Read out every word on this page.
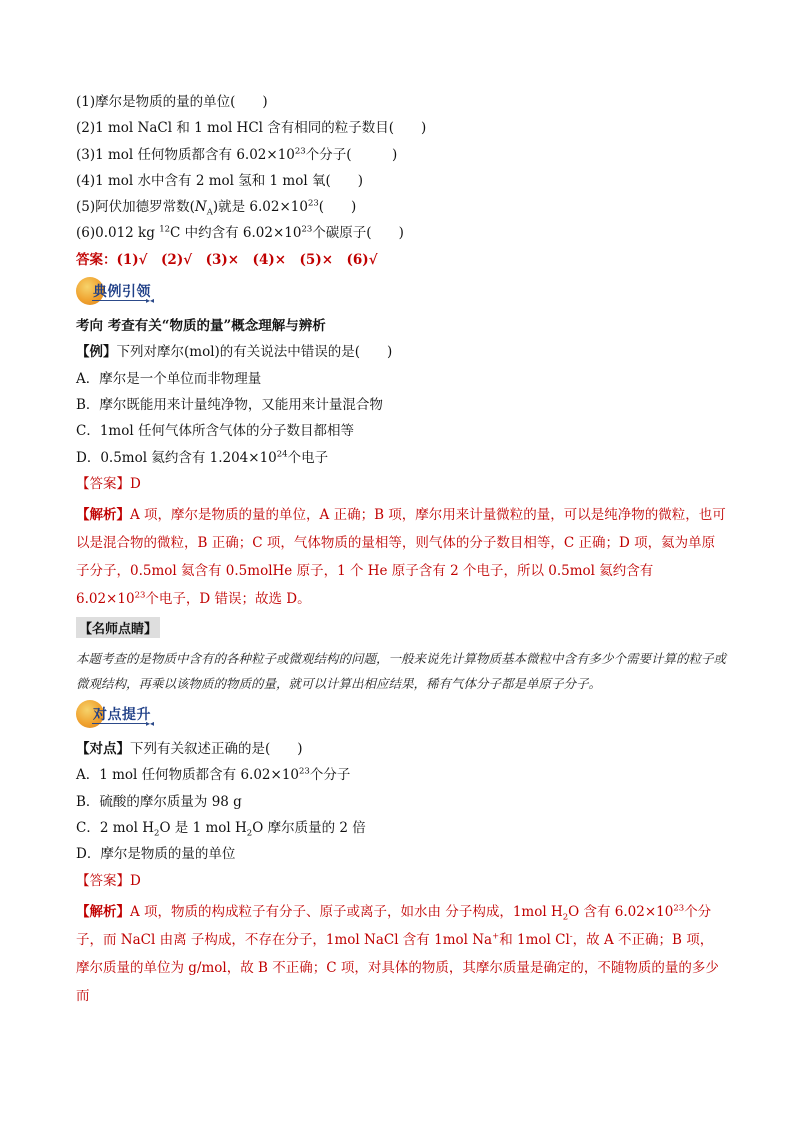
(1)摩尔是物质的量的单位(　　)
(2)1 mol NaCl 和 1 mol HCl 含有相同的粒子数目(　　)
(3)1 mol 任何物质都含有 $6.02\times 10^{23}$个分子(　　　)
(4)1 mol 水中含有 2 mol 氢和 1 mol 氧(　　)
(5)阿伏加德罗常数$(N_A)$就是 $6.02\times 10^{23}$(　　)
(6)0.012 kg $^{12}$C 中约含有 $6.02\times 10^{23}$个碳原子(　　)
答案：(1)√　(2)√　(3)×　(4)×　(5)×　(6)√
典例引领
▸◂
考向 考查有关“物质的量”概念理解与辨析
【例】下列对摩尔(mol)的有关说法中错误的是(　　)
A．摩尔是一个单位而非物理量
B．摩尔既能用来计量纯净物，又能用来计量混合物
C．1mol 任何气体所含气体的分子数目都相等
D．0.5mol 氦约含有 $1.204\times 10^{24}$个电子
【答案】D
【解析】A 项，摩尔是物质的量的单位，A 正确；B 项，摩尔用来计量微粒的量，可以是纯净物的微粒，也可以是混合物的微粒，B 正确；C 项，气体物质的量相等，则气体的分子数目相等，C 正确；D 项，氦为单原子分子，0.5mol 氦含有 0.5molHe 原子，1 个 He 原子含有 2 个电子，所以 0.5mol 氦约含有
$6.02\times 10^{23}$个电子，D 错误；故选 D。
【名师点睛】
本题考查的是物质中含有的各种粒子或微观结构的问题，一般来说先计算物质基本微粒中含有多少个需要计算的粒子或微观结构，再乘以该物质的物质的量，就可以计算出相应结果，稀有气体分子都是单原子分子。
对点提升
▸◂
【对点】下列有关叙述正确的是(　　)
A．1 mol 任何物质都含有 $6.02\times 10^{23}$个分子
B．硫酸的摩尔质量为 98 g
C．2 mol $H_2O$ 是 1 mol $H_2O$ 摩尔质量的 2 倍
D．摩尔是物质的量的单位
【答案】D
【解析】A 项，物质的构成粒子有分子、原子或离子，如水由 分子构成，1mol $H_2O$ 含有 $6.02\times 10^{23}$个分子，而 NaCl 由离 子构成，不存在分子，1mol NaCl 含有 1mol Na+和 1mol Cl-，故 A 不正确；B 项，摩尔质量的单位为 g/mol，故 B 不正确；C 项，对具体的物质，其摩尔质量是确定的，不随物质的量的多少而
